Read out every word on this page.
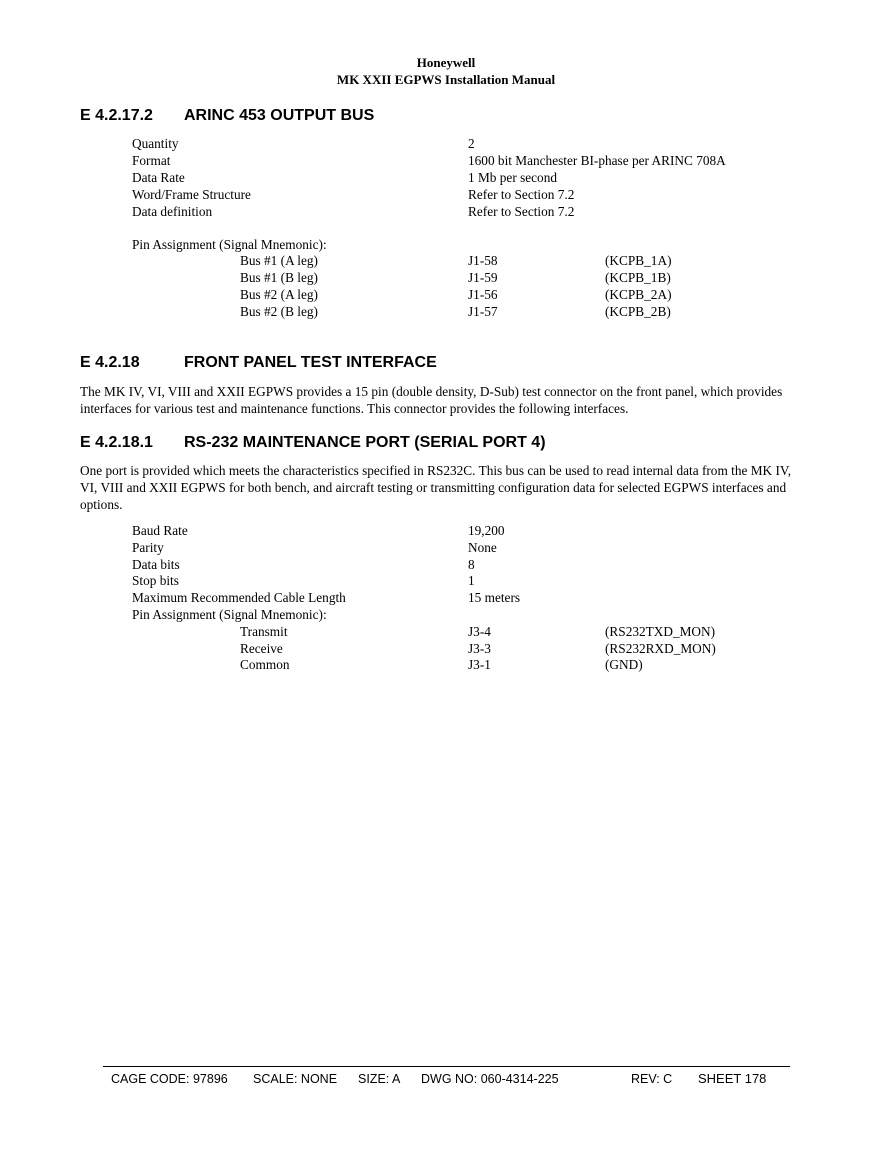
Honeywell
MK XXII EGPWS Installation Manual
E 4.2.17.2 ARINC 453 OUTPUT BUS
Quantity	2
Format	1600 bit Manchester BI-phase per ARINC 708A
Data Rate	1 Mb per second
Word/Frame Structure	Refer to Section 7.2
Data definition	Refer to Section 7.2
Pin Assignment (Signal Mnemonic):
Bus #1 (A leg)	J1-58	(KCPB_1A)
Bus #1 (B leg)	J1-59	(KCPB_1B)
Bus #2 (A leg)	J1-56	(KCPB_2A)
Bus #2 (B leg)	J1-57	(KCPB_2B)
E 4.2.18	FRONT PANEL TEST INTERFACE
The MK IV, VI, VIII and XXII EGPWS provides a 15 pin (double density, D-Sub) test connector on the front panel, which provides interfaces for various test and maintenance functions. This connector provides the following interfaces.
E 4.2.18.1 RS-232 MAINTENANCE PORT (SERIAL PORT 4)
One port is provided which meets the characteristics specified in RS232C. This bus can be used to read internal data from the MK IV, VI, VIII and XXII EGPWS for both bench, and aircraft testing or transmitting configuration data for selected EGPWS interfaces and options.
Baud Rate	19,200
Parity	None
Data bits	8
Stop bits	1
Maximum Recommended Cable Length	15 meters
Pin Assignment (Signal Mnemonic):
Transmit	J3-4	(RS232TXD_MON)
Receive	J3-3	(RS232RXD_MON)
Common	J3-1	(GND)
CAGE CODE: 97896 SCALE: NONE SIZE: A DWG NO: 060-4314-225	REV: C SHEET 178
